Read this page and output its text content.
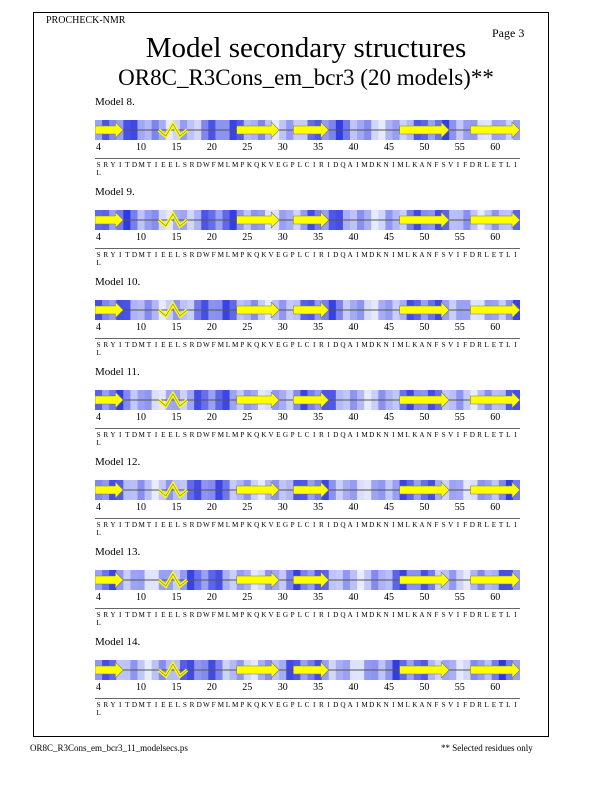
PROCHECK-NMR
Page 3
Model secondary structures
OR8C_R3Cons_em_bcr3 (20 models)**
Model 8.
4	10	15	20	25	30	35	40	45	50	55	60
S R Y I T DM T I E E L S R DW F M L M P K Q K V E G P L C I R I D Q A I MD K N I M L K A N F S V I F D R L E T L IL
Model 9.
4	10	15	20	25	30	35	40	45	50	55	60
S R Y I T DM T I E E L S R DW F M L M P K Q K V E G P L C I R I D Q A I MD K N I M L K A N F S V I F D R L E T L IL
Model 10.
4	10	15	20	25	30	35	40	45	50	55	60
S R Y I T DM T I E E L S R DW F M L M P K Q K V E G P L C I R I D Q A I MD K N I M L K A N F S V I F D R L E T L IL
Model 11.
4	10	15	20	25	30	35	40	45	50	55	60
S R Y I T DM T I E E L S R DW F M L M P K Q K V E G P L C I R I D Q A I MD K N I M L K A N F S V I F D R L E T L IL
Model 12.
4	10	15	20	25	30	35	40	45	50	55	60
S R Y I T DM T I E E L S R DW F M L M P K Q K V E G P L C I R I D Q A I MD K N I M L K A N F S V I F D R L E T L IL
Model 13.
4	10	15	20	25	30	35	40	45	50	55	60
S R Y I T DM T I E E L S R DW F M L M P K Q K V E G P L C I R I D Q A I MD K N I M L K A N F S V I F D R L E T L IL
Model 14.
4	10	15	20	25	30	35	40	45	50	55	60
S R Y I T DM T I E E L S R DW F M L M P K Q K V E G P L C I R I D Q A I MD K N I M L K A N F S V I F D R L E T L IL
OR8C_R3Cons_em_bcr3_11_modelsecs.ps	** Selected residues only
